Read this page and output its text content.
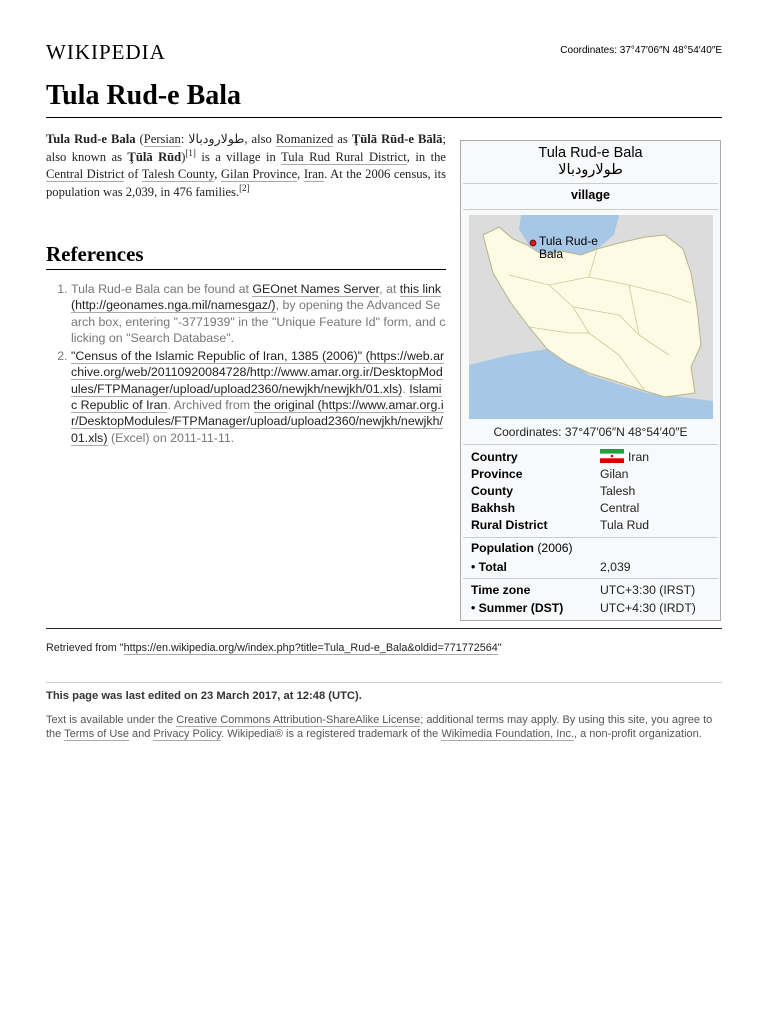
WIKIPEDIA	Coordinates: 37°47′06″N 48°54′40″E
Tula Rud-e Bala

Tula Rud-e Bala (Persian: طولارودبالا, also Romanized as Ţūlā Rūd-e Bālā; also known as Ţūlā Rūd)[1] is a village in Tula Rud Rural District, in the Central District of Talesh County, Gilan Province, Iran. At the 2006 census, its population was 2,039, in 476 families.[2]

References
1. Tula Rud-e Bala can be found at GEOnet Names Server, at this link (http://geonames.nga.mil/namesgaz/), by opening the Advanced Search box, entering "-3771939" in the "Unique Feature Id" form, and clicking on "Search Database".
2. "Census of the Islamic Republic of Iran, 1385 (2006)" (https://web.archive.org/web/20110920084728/http://www.amar.org.ir/DesktopModules/FTPManager/upload/upload2360/newjkh/newjkh/01.xls). Islamic Republic of Iran. Archived from the original (https://www.amar.org.ir/DesktopModules/FTPManager/upload/upload2360/newjkh/newjkh/01.xls) (Excel) on 2011-11-11.
Tula Rud-e Bala
طولارودبالا
village
Tula Rud-e
Bala
Coordinates: 37°47′06″N 48°54′40″E
Country	Iran
Province	Gilan
County	Talesh
Bakhsh	Central
Rural District	Tula Rud
Population (2006)
• Total	2,039
Time zone	UTC+3:30 (IRST)
• Summer (DST)	UTC+4:30 (IRDT)
Retrieved from "https://en.wikipedia.org/w/index.php?title=Tula_Rud-e_Bala&oldid=771772564"
This page was last edited on 23 March 2017, at 12:48 (UTC).
Text is available under the Creative Commons Attribution-ShareAlike License; additional terms may apply. By using this site, you agree to the Terms of Use and Privacy Policy. Wikipedia® is a registered trademark of the Wikimedia Foundation, Inc., a non-profit organization.
